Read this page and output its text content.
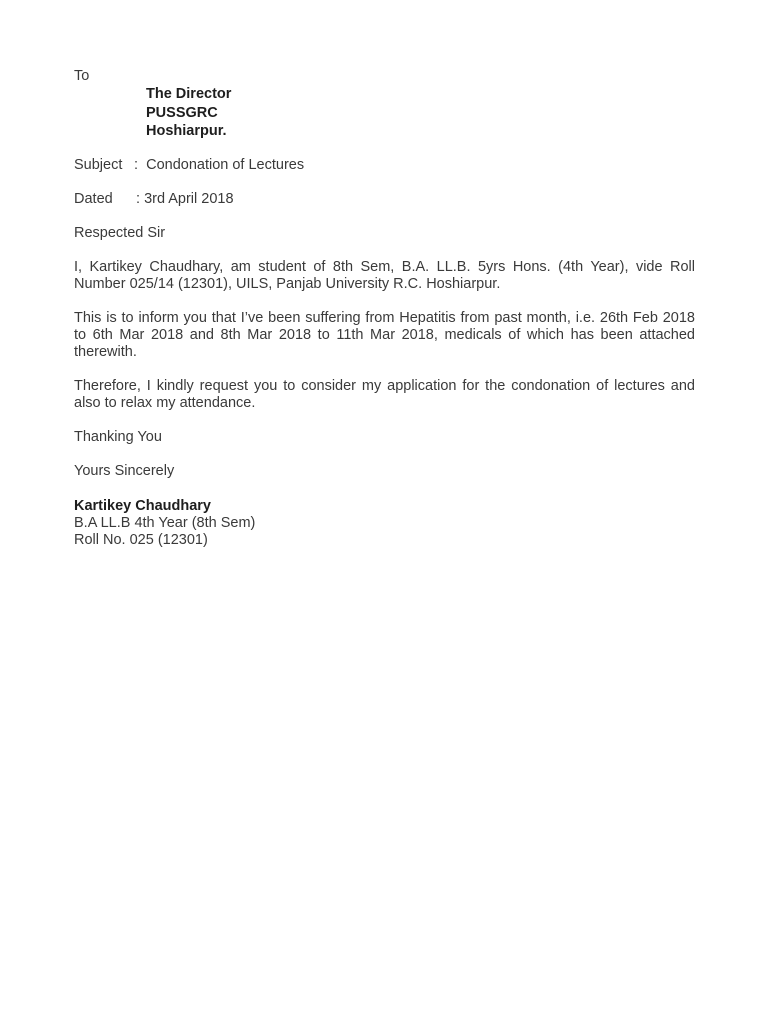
To
The Director
PUSSGRC
Hoshiarpur.
Subject : Condonation of Lectures
Dated : 3rd April 2018
Respected Sir
I, Kartikey Chaudhary, am student of 8th Sem, B.A. LL.B. 5yrs Hons. (4th Year), vide Roll Number 025/14 (12301), UILS, Panjab University R.C. Hoshiarpur.
This is to inform you that I’ve been suffering from Hepatitis from past month, i.e. 26th Feb 2018 to 6th Mar 2018 and 8th Mar 2018 to 11th Mar 2018, medicals of which has been attached therewith.
Therefore, I kindly request you to consider my application for the condonation of lectures and also to relax my attendance.
Thanking You
Yours Sincerely
Kartikey Chaudhary
B.A LL.B 4th Year (8th Sem)
Roll No. 025 (12301)
